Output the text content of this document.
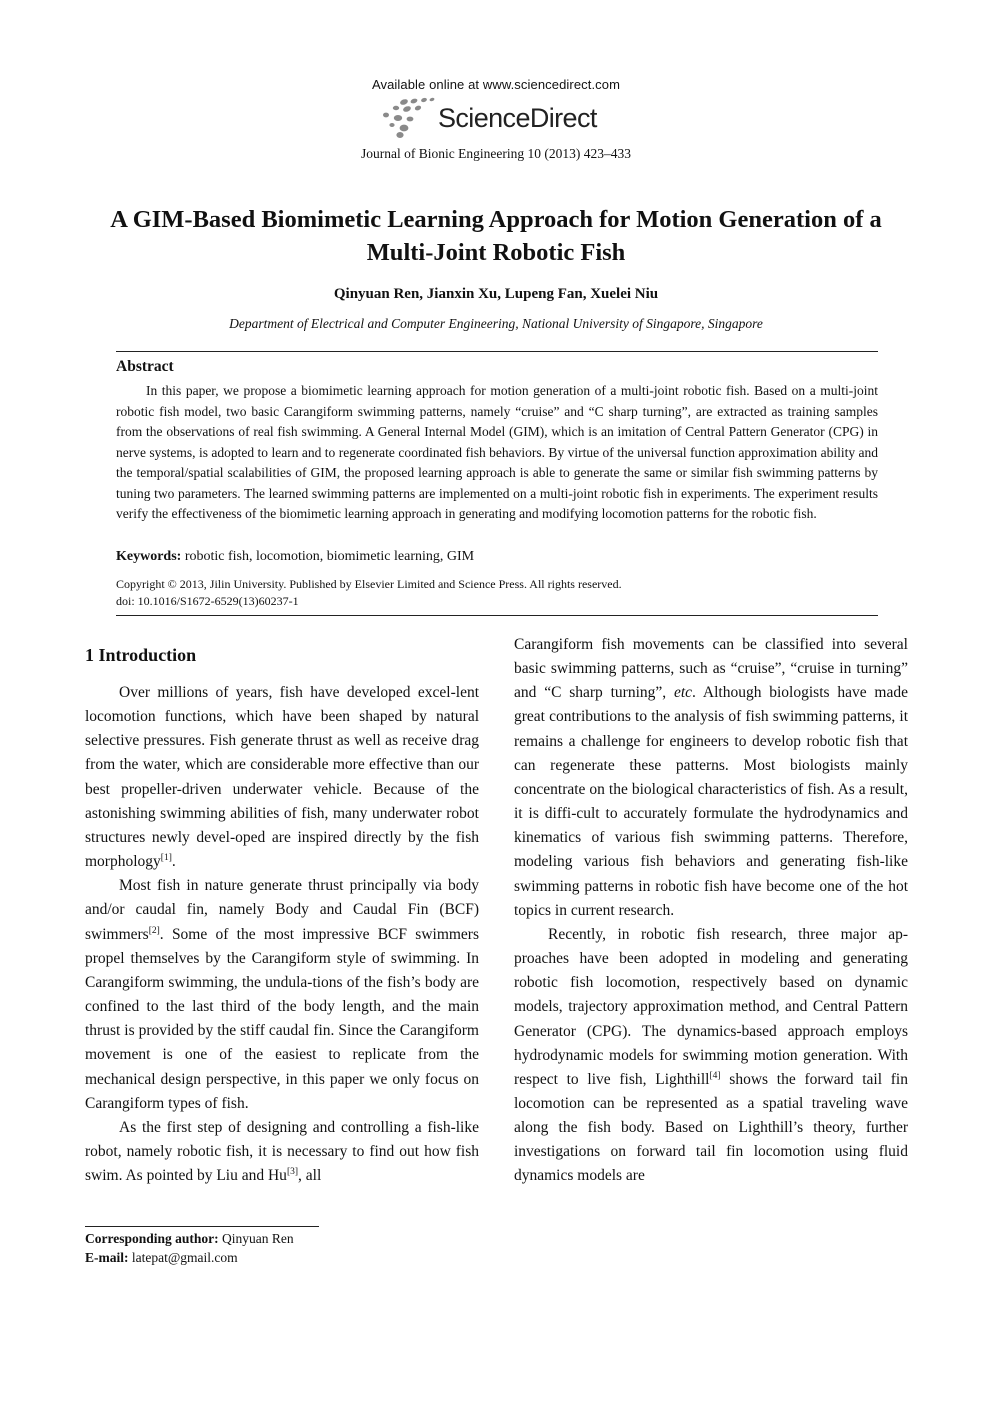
Available online at www.sciencedirect.com
ScienceDirect
Journal of Bionic Engineering 10 (2013) 423–433
A GIM-Based Biomimetic Learning Approach for Motion Generation of a Multi-Joint Robotic Fish
Qinyuan Ren, Jianxin Xu, Lupeng Fan, Xuelei Niu
Department of Electrical and Computer Engineering, National University of Singapore, Singapore
Abstract

In this paper, we propose a biomimetic learning approach for motion generation of a multi-joint robotic fish. Based on a multi-joint robotic fish model, two basic Carangiform swimming patterns, namely “cruise” and “C sharp turning”, are extracted as training samples from the observations of real fish swimming. A General Internal Model (GIM), which is an imitation of Central Pattern Generator (CPG) in nerve systems, is adopted to learn and to regenerate coordinated fish behaviors. By virtue of the universal function approximation ability and the temporal/spatial scalabilities of GIM, the proposed learning approach is able to generate the same or similar fish swimming patterns by tuning two parameters. The learned swimming patterns are implemented on a multi-joint robotic fish in experiments. The experiment results verify the effectiveness of the biomimetic learning approach in generating and modifying locomotion patterns for the robotic fish.

Keywords: robotic fish, locomotion, biomimetic learning, GIM
Copyright © 2013, Jilin University. Published by Elsevier Limited and Science Press. All rights reserved.
doi: 10.1016/S1672-6529(13)60237-1
1 Introduction

Over millions of years, fish have developed excel-lent locomotion functions, which have been shaped by natural selective pressures. Fish generate thrust as well as receive drag from the water, which are considerable more effective than our best propeller-driven underwater vehicle. Because of the astonishing swimming abilities of fish, many underwater robot structures newly devel-oped are inspired directly by the fish morphology[1].

Most fish in nature generate thrust principally via body and/or caudal fin, namely Body and Caudal Fin (BCF) swimmers[2]. Some of the most impressive BCF swimmers propel themselves by the Carangiform style of swimming. In Carangiform swimming, the undula-tions of the fish’s body are confined to the last third of the body length, and the main thrust is provided by the stiff caudal fin. Since the Carangiform movement is one of the easiest to replicate from the mechanical design perspective, in this paper we only focus on Carangiform types of fish.

As the first step of designing and controlling a fish-like robot, namely robotic fish, it is necessary to find out how fish swim. As pointed by Liu and Hu[3], all

Carangiform fish movements can be classified into several basic swimming patterns, such as “cruise”, “cruise in turning” and “C sharp turning”, etc. Although biologists have made great contributions to the analysis of fish swimming patterns, it remains a challenge for engineers to develop robotic fish that can regenerate these patterns. Most biologists mainly concentrate on the biological characteristics of fish. As a result, it is diffi-cult to accurately formulate the hydrodynamics and kinematics of various fish swimming patterns. Therefore, modeling various fish behaviors and generating fish-like swimming patterns in robotic fish have become one of the hot topics in current research.

Recently, in robotic fish research, three major ap-proaches have been adopted in modeling and generating robotic fish locomotion, respectively based on dynamic models, trajectory approximation method, and Central Pattern Generator (CPG). The dynamics-based approach employs hydrodynamic models for swimming motion generation. With respect to live fish, Lighthill[4] shows the forward tail fin locomotion can be represented as a spatial traveling wave along the fish body. Based on Lighthill’s theory, further investigations on forward tail fin locomotion using fluid dynamics models are

Corresponding author: Qinyuan Ren
E-mail: latepat@gmail.com
